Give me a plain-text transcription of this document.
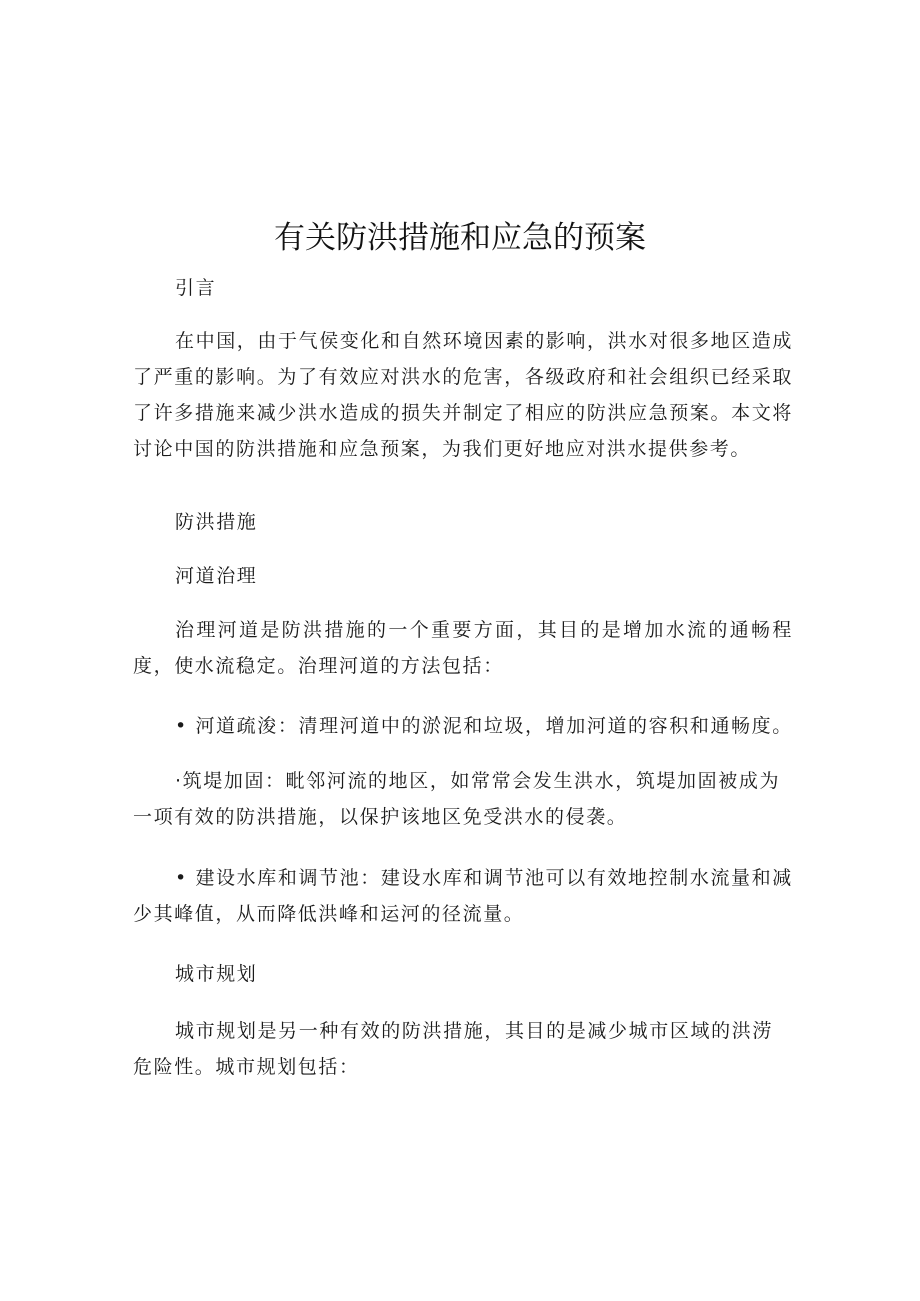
有关防洪措施和应急的预案
引言
在中国，由于气侯变化和自然环境因素的影响，洪水对很多地区造成了严重的影响。为了有效应对洪水的危害，各级政府和社会组织已经采取了许多措施来减少洪水造成的损失并制定了相应的防洪应急预案。本文将讨论中国的防洪措施和应急预案，为我们更好地应对洪水提供参考。
防洪措施
河道治理
治理河道是防洪措施的一个重要方面，其目的是增加水流的通畅程度，使水流稳定。治理河道的方法包括：
• 河道疏浚：清理河道中的淤泥和垃圾，增加河道的容积和通畅度。
·筑堤加固：毗邻河流的地区，如常常会发生洪水，筑堤加固被成为一项有效的防洪措施，以保护该地区免受洪水的侵袭。
• 建设水库和调节池：建设水库和调节池可以有效地控制水流量和减少其峰值，从而降低洪峰和运河的径流量。
城市规划
城市规划是另一种有效的防洪措施，其目的是减少城市区域的洪涝危险性。城市规划包括：
